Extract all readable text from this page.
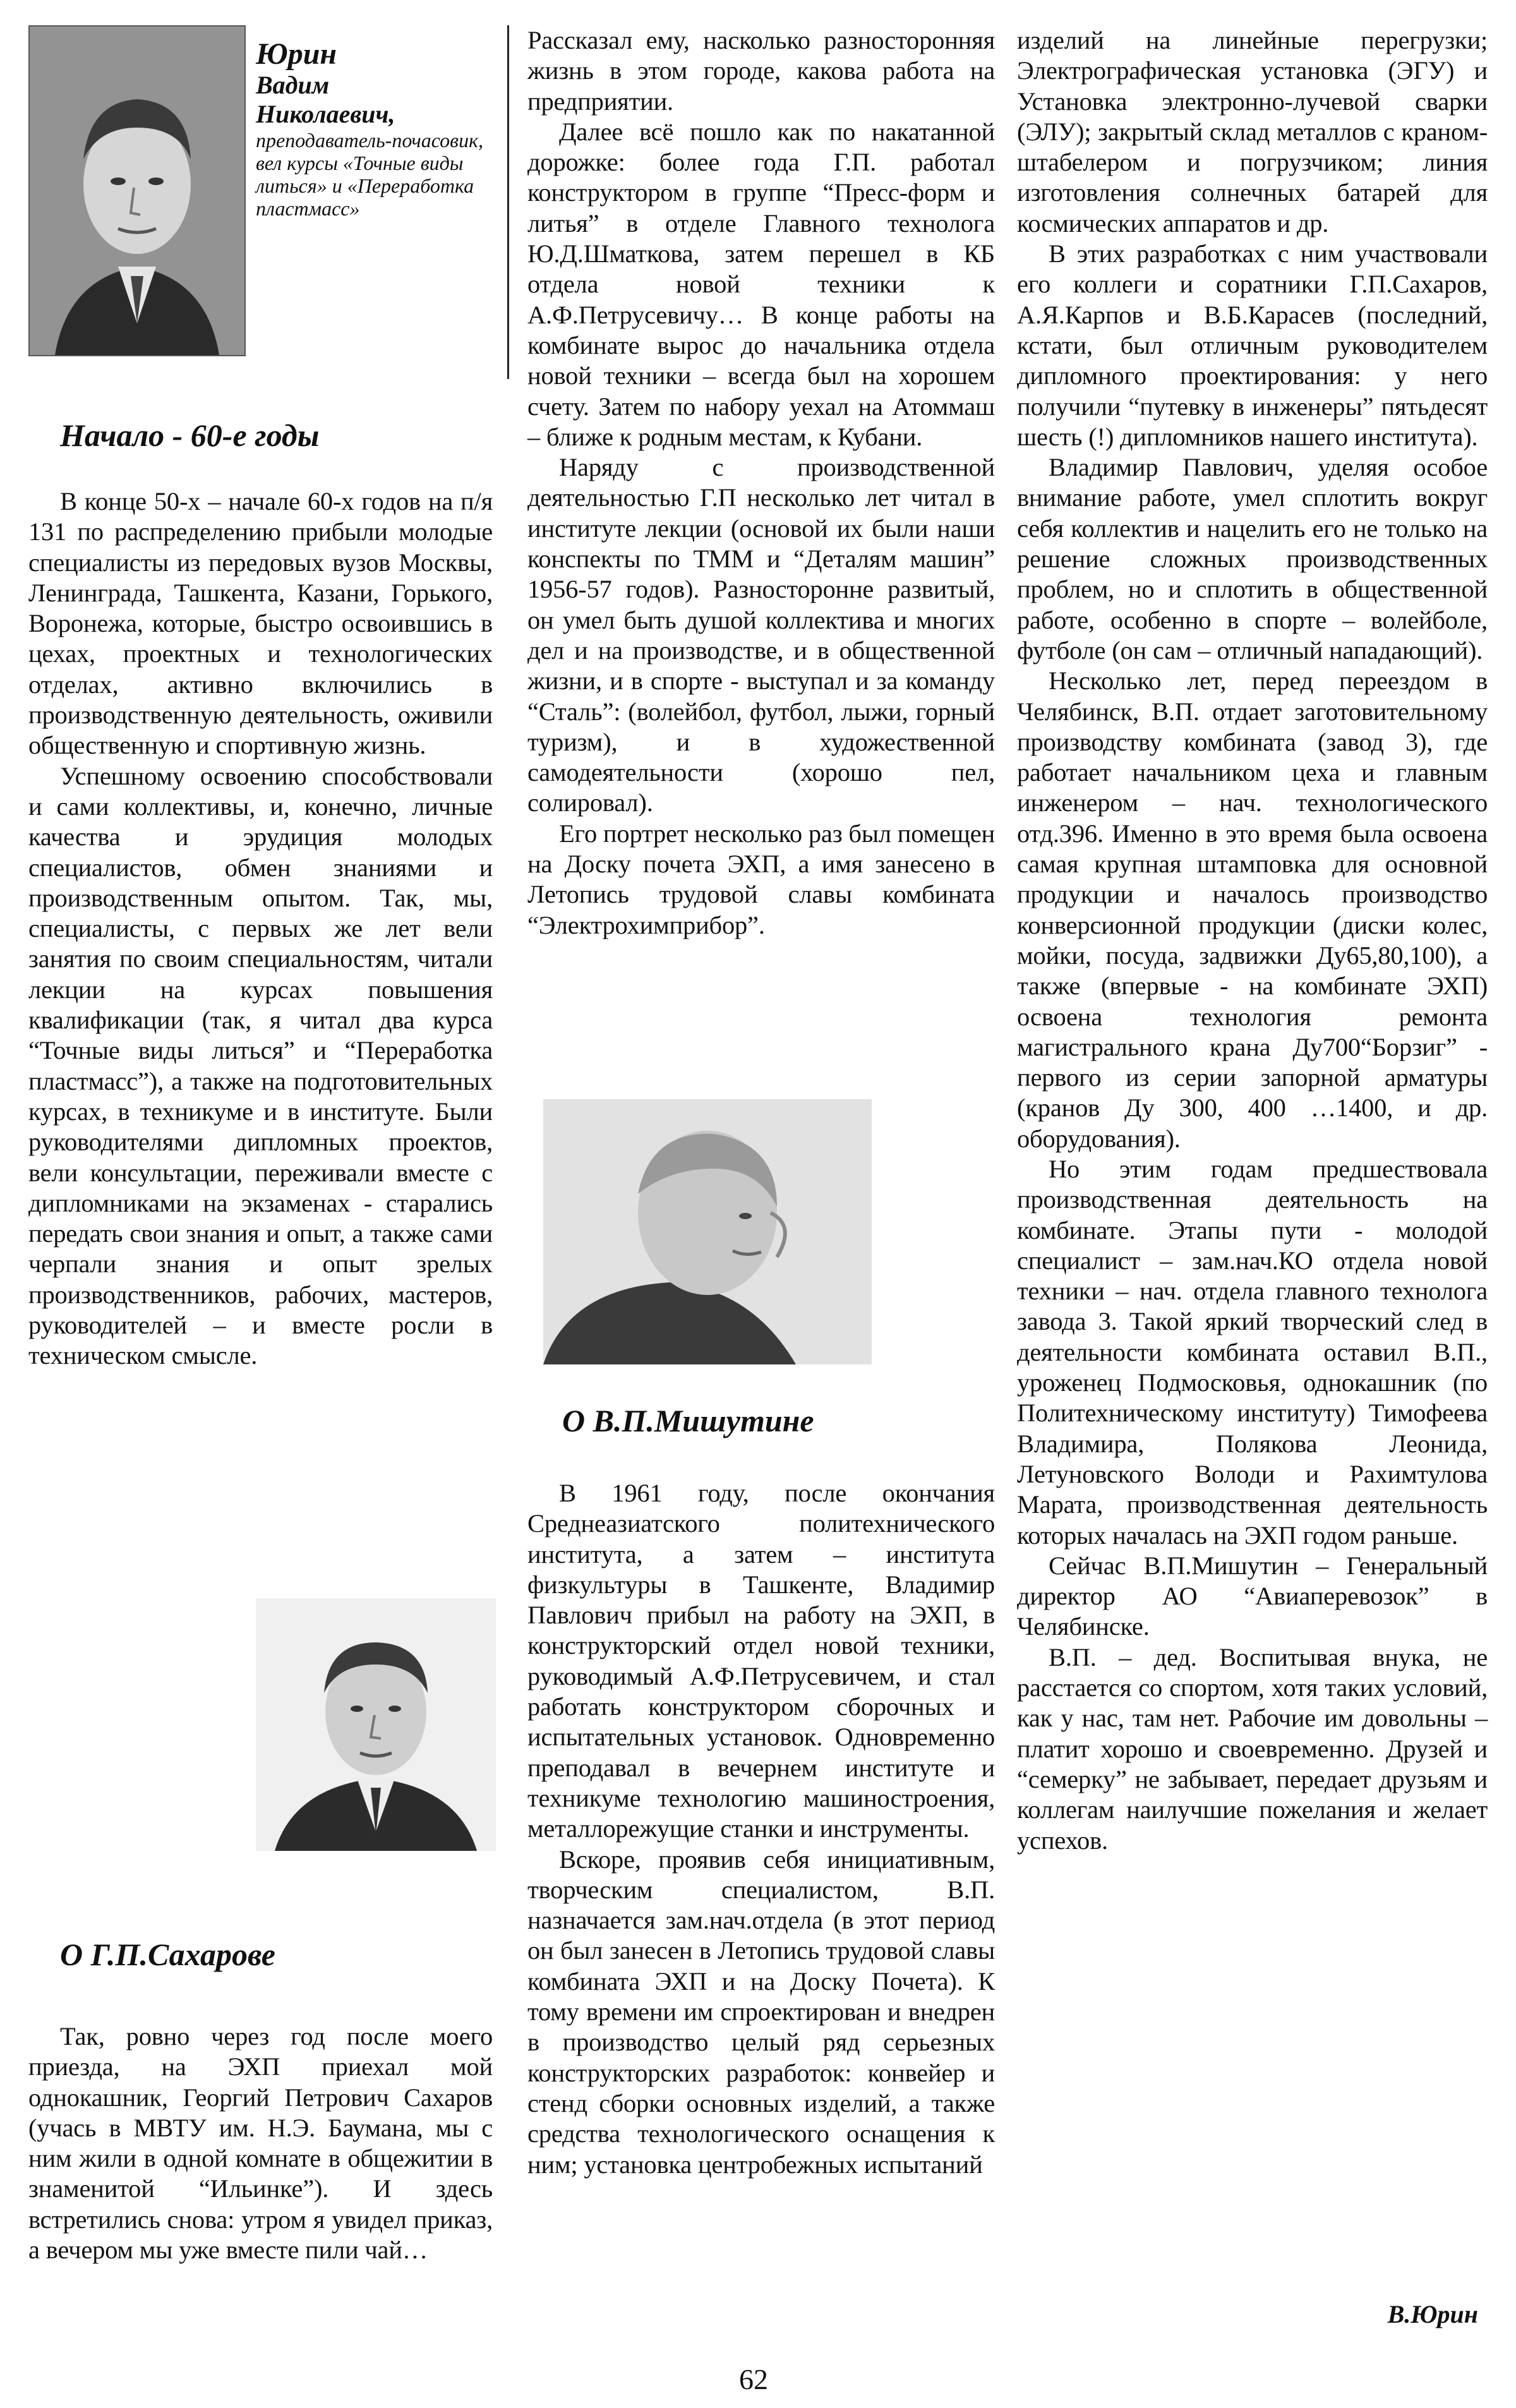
Юрин

Вадим

Николаевич,

преподаватель-почасовик, вел курсы «Точные виды литься» и «Переработка пластмасс»

Начало - 60-е годы

В конце 50-х – начале 60-х годов на п/я 131 по распределению прибыли молодые специалисты из передовых вузов Москвы, Ленинграда, Ташкента, Казани, Горького, Воронежа, которые, быстро освоившись в цехах, проектных и технологических отделах, активно включились в производственную деятельность, оживили общественную и спортивную жизнь.

Успешному освоению способствовали и сами коллективы, и, конечно, личные качества и эрудиция молодых специалистов, обмен знаниями и производственным опытом. Так, мы, специалисты, с первых же лет вели занятия по своим специальностям, читали лекции на курсах повышения квалификации (так, я читал два курса “Точные виды литься” и “Переработка пластмасс”), а также на подготовительных курсах, в техникуме и в институте. Были руководителями дипломных проектов, вели консультации, переживали вместе с дипломниками на экзаменах - старались передать свои знания и опыт, а также сами черпали знания и опыт зрелых производственников, рабочих, мастеров, руководителей – и вместе росли в техническом смысле.

О Г.П.Сахарове

Так, ровно через год после моего приезда, на ЭХП приехал мой однокашник, Георгий Петрович Сахаров (учась в МВТУ им. Н.Э. Баумана, мы с ним жили в одной комнате в общежитии в знаменитой “Ильинке”). И здесь встретились снова: утром я увидел приказ, а вечером мы уже вместе пили чай…

Рассказал ему, насколько разносторонняя жизнь в этом городе, какова работа на предприятии.

Далее всё пошло как по накатанной дорожке: более года Г.П. работал конструктором в группе “Пресс-форм и литья” в отделе Главного технолога Ю.Д.Шматкова, затем перешел в КБ отдела новой техники к А.Ф.Петрусевичу… В конце работы на комбинате вырос до начальника отдела новой техники – всегда был на хорошем счету. Затем по набору уехал на Атоммаш – ближе к родным местам, к Кубани.

Наряду с производственной деятельностью Г.П несколько лет читал в институте лекции (основой их были наши конспекты по ТММ и “Деталям машин” 1956-57 годов). Разносторонне развитый, он умел быть душой коллектива и многих дел и на производстве, и в общественной жизни, и в спорте - выступал и за команду “Сталь”: (волейбол, футбол, лыжи, горный туризм), и в художественной самодеятельности (хорошо пел, солировал).

Его портрет несколько раз был помещен на Доску почета ЭХП, а имя занесено в Летопись трудовой славы комбината “Электрохимприбор”.

О В.П.Мишутине

В 1961 году, после окончания Среднеазиатского политехнического института, а затем – института физкультуры в Ташкенте, Владимир Павлович прибыл на работу на ЭХП, в конструкторский отдел новой техники, руководимый А.Ф.Петрусевичем, и стал работать конструктором сборочных и испытательных установок. Одновременно преподавал в вечернем институте и техникуме технологию машиностроения, металлорежущие станки и инструменты.

Вскоре, проявив себя инициативным, творческим специалистом, В.П. назначается зам.нач.отдела (в этот период он был занесен в Летопись трудовой славы комбината ЭХП и на Доску Почета). К тому времени им спроектирован и внедрен в производство целый ряд серьезных конструкторских разработок: конвейер и стенд сборки основных изделий, а также средства технологического оснащения к ним; установка центробежных испытаний

изделий на линейные перегрузки; Электрографическая установка (ЭГУ) и Установка электронно-лучевой сварки (ЭЛУ); закрытый склад металлов с краном-штабелером и погрузчиком; линия изготовления солнечных батарей для космических аппаратов и др.

В этих разработках с ним участвовали его коллеги и соратники Г.П.Сахаров, А.Я.Карпов и В.Б.Карасев (последний, кстати, был отличным руководителем дипломного проектирования: у него получили “путевку в инженеры” пятьдесят шесть (!) дипломников нашего института).

Владимир Павлович, уделяя особое внимание работе, умел сплотить вокруг себя коллектив и нацелить его не только на решение сложных производственных проблем, но и сплотить в общественной работе, особенно в спорте – волейболе, футболе (он сам – отличный нападающий).

Несколько лет, перед переездом в Челябинск, В.П. отдает заготовительному производству комбината (завод 3), где работает начальником цеха и главным инженером – нач. технологического отд.396. Именно в это время была освоена самая крупная штамповка для основной продукции и началось производство конверсионной продукции (диски колес, мойки, посуда, задвижки Ду65,80,100), а также (впервые - на комбинате ЭХП) освоена технология ремонта магистрального крана Ду700“Борзиг” - первого из серии запорной арматуры (кранов Ду 300, 400 …1400, и др. оборудования).

Но этим годам предшествовала производственная деятельность на комбинате. Этапы пути - молодой специалист – зам.нач.КО отдела новой техники – нач. отдела главного технолога завода 3. Такой яркий творческий след в деятельности комбината оставил В.П., уроженец Подмосковья, однокашник (по Политехническому институту) Тимофеева Владимира, Полякова Леонида, Летуновского Володи и Рахимтулова Марата, производственная деятельность которых началась на ЭХП годом раньше.

Сейчас В.П.Мишутин – Генеральный директор АО “Авиаперевозок” в Челябинске.

В.П. – дед. Воспитывая внука, не расстается со спортом, хотя таких условий, как у нас, там нет. Рабочие им довольны – платит хорошо и своевременно. Друзей и “семерку” не забывает, передает друзьям и коллегам наилучшие пожелания и желает успехов.

В.Юрин
62
